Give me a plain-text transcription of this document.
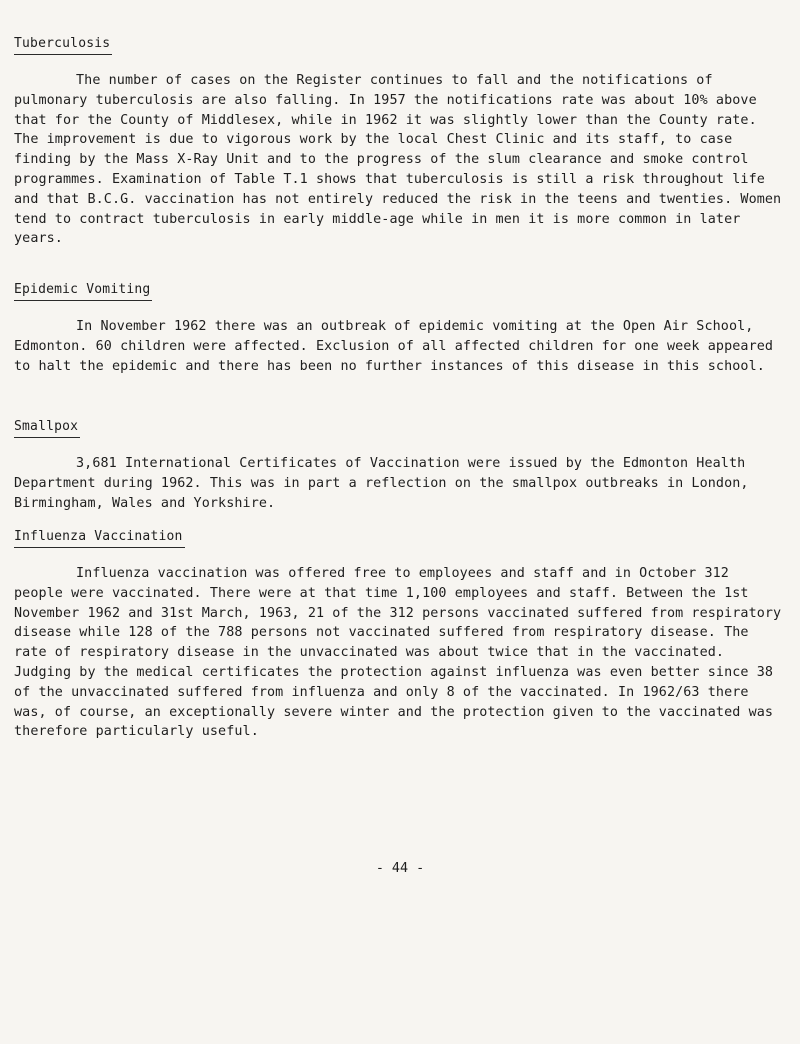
Tuberculosis

The number of cases on the Register continues to fall and the notifications of pulmonary tuberculosis are also falling. In 1957 the notifications rate was about 10% above that for the County of Middlesex, while in 1962 it was slightly lower than the County rate. The improvement is due to vigorous work by the local Chest Clinic and its staff, to case finding by the Mass X-Ray Unit and to the progress of the slum clearance and smoke control programmes. Examination of Table T.1 shows that tuberculosis is still a risk throughout life and that B.C.G. vaccination has not entirely reduced the risk in the teens and twenties. Women tend to contract tuberculosis in early middle-age while in men it is more common in later years.

Epidemic Vomiting

In November 1962 there was an outbreak of epidemic vomiting at the Open Air School, Edmonton. 60 children were affected. Exclusion of all affected children for one week appeared to halt the epidemic and there has been no further instances of this disease in this school.

Smallpox

3,681 International Certificates of Vaccination were issued by the Edmonton Health Department during 1962. This was in part a reflection on the smallpox outbreaks in London, Birmingham, Wales and Yorkshire.

Influenza Vaccination

Influenza vaccination was offered free to employees and staff and in October 312 people were vaccinated. There were at that time 1,100 employees and staff. Between the 1st November 1962 and 31st March, 1963, 21 of the 312 persons vaccinated suffered from respiratory disease while 128 of the 788 persons not vaccinated suffered from respiratory disease. The rate of respiratory disease in the unvaccinated was about twice that in the vaccinated. Judging by the medical certificates the protection against influenza was even better since 38 of the unvaccinated suffered from influenza and only 8 of the vaccinated. In 1962/63 there was, of course, an exceptionally severe winter and the protection given to the vaccinated was therefore particularly useful.

- 44 -
